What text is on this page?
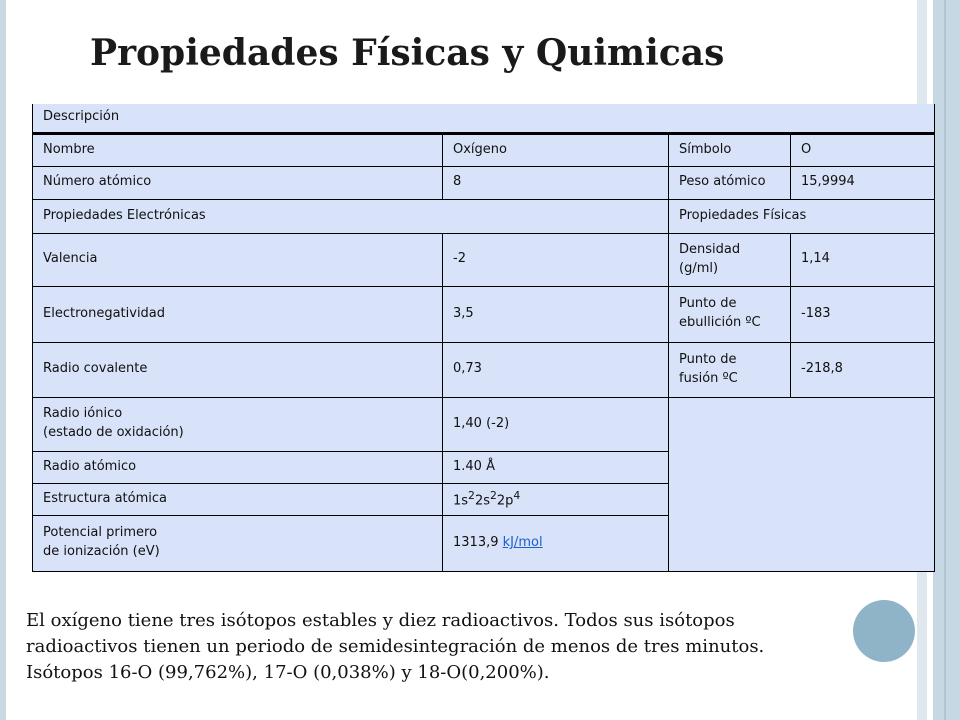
Propiedades Físicas y Quimicas
Descripción			
Nombre	Oxígeno	Símbolo	O
Número atómico	8	Peso atómico	15,9994
Propiedades Electrónicas		Propiedades Físicas	
Valencia	-2	Densidad (g/ml)	1,14
Electronegatividad	3,5	Punto de ebullición ºC	-183
Radio covalente	0,73	Punto de fusión ºC	-218,8
Radio iónico
(estado de oxidación)	1,40 (-2)		
Radio atómico	1.40 Å		
Estructura atómica	$1s^22s^22p^4$
Potencial primero
de ionización (eV)	1313,9 kJ/mol		

El oxígeno tiene tres isótopos estables y diez radioactivos. Todos sus isótopos

radioactivos tienen un periodo de semidesintegración de menos de tres minutos.

Isótopos 16-O (99,762%), 17-O (0,038%) y 18-O(0,200%).
